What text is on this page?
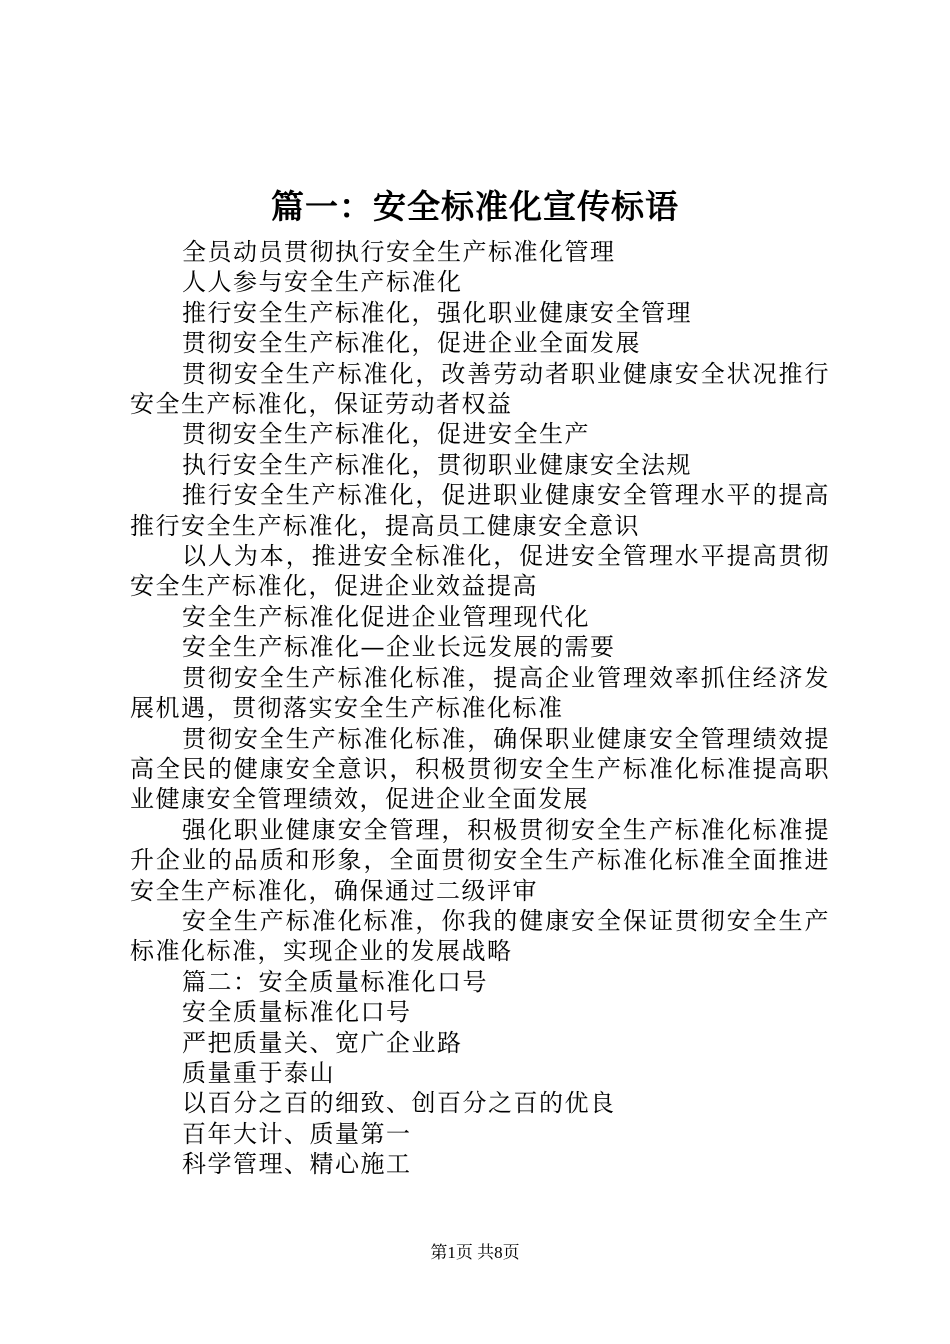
篇一：安全标准化宣传标语

全员动员贯彻执行安全生产标准化管理

人人参与安全生产标准化

推行安全生产标准化，强化职业健康安全管理

贯彻安全生产标准化，促进企业全面发展

贯彻安全生产标准化，改善劳动者职业健康安全状况推行安全生产标准化，保证劳动者权益

贯彻安全生产标准化，促进安全生产

执行安全生产标准化，贯彻职业健康安全法规

推行安全生产标准化，促进职业健康安全管理水平的提高推行安全生产标准化，提高员工健康安全意识

以人为本，推进安全标准化，促进安全管理水平提高贯彻安全生产标准化，促进企业效益提高

安全生产标准化促进企业管理现代化

安全生产标准化—企业长远发展的需要

贯彻安全生产标准化标准，提高企业管理效率抓住经济发展机遇，贯彻落实安全生产标准化标准

贯彻安全生产标准化标准，确保职业健康安全管理绩效提高全民的健康安全意识，积极贯彻安全生产标准化标准提高职业健康安全管理绩效，促进企业全面发展

强化职业健康安全管理，积极贯彻安全生产标准化标准提升企业的品质和形象，全面贯彻安全生产标准化标准全面推进安全生产标准化，确保通过二级评审

安全生产标准化标准，你我的健康安全保证贯彻安全生产标准化标准，实现企业的发展战略

篇二：安全质量标准化口号

安全质量标准化口号

严把质量关、宽广企业路

质量重于泰山

以百分之百的细致、创百分之百的优良

百年大计、质量第一

科学管理、精心施工

第1页 共8页
